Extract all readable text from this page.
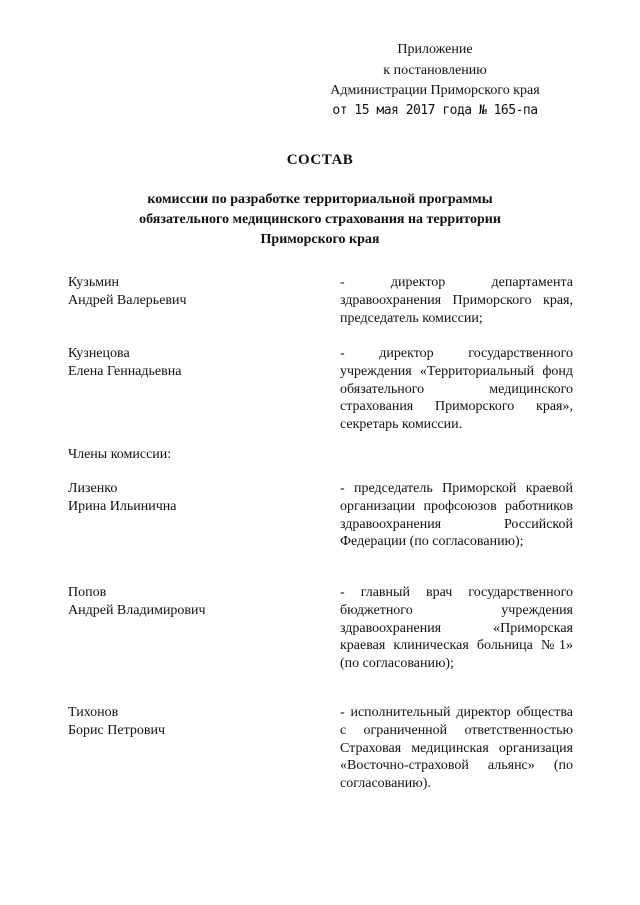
Приложение
к постановлению
Администрации Приморского края
от 15 мая 2017 года № 165-па
СОСТАВ
комиссии по разработке территориальной программы
обязательного медицинского страхования на территории
Приморского края
Кузьмин
Андрей Валерьевич
- директор департамента здравоохранения Приморского края, председатель комиссии;
Кузнецова
Елена Геннадьевна
- директор государственного учреждения «Территориальный фонд обязательного медицинского страхования Приморского края», секретарь комиссии.
Члены комиссии:
Лизенко
Ирина Ильинична
- председатель Приморской краевой организации профсоюзов работников здравоохранения Российской Федерации (по согласованию);
Попов
Андрей Владимирович
- главный врач государственного бюджетного учреждения здравоохранения «Приморская краевая клиническая больница №1» (по согласованию);
Тихонов
Борис Петрович
- исполнительный директор общества с ограниченной ответственностью Страховая медицинская организация «Восточно-страховой альянс» (по согласованию).
